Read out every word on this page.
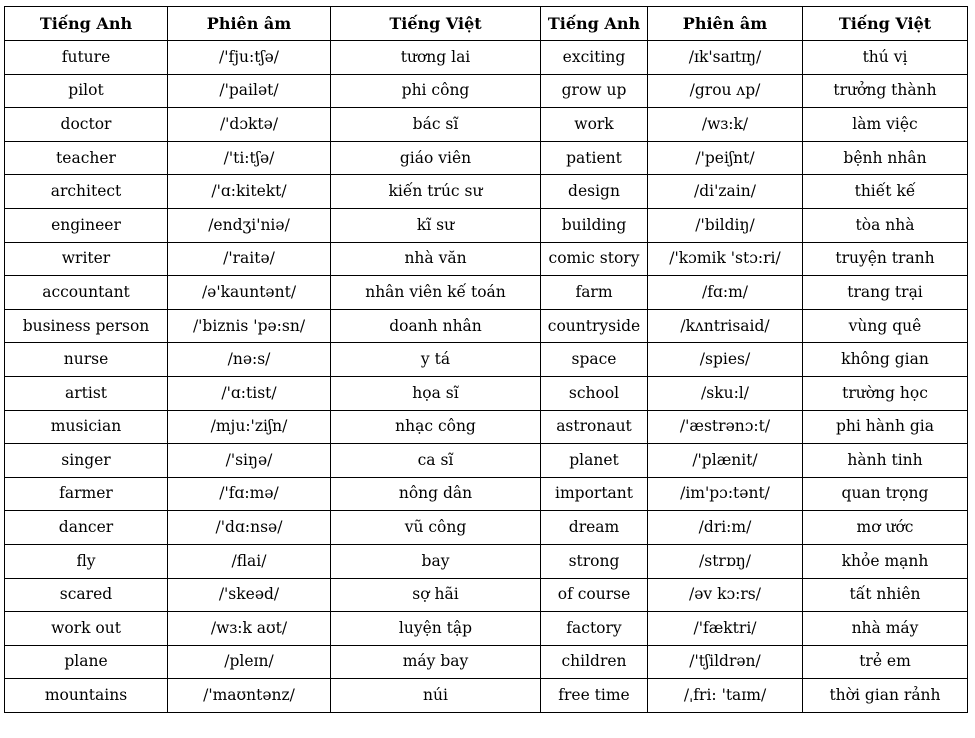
Tiếng Anh	Phiên âm	Tiếng Việt	Tiếng Anh	Phiên âm	Tiếng Việt
future	/'fju:tʃə/	tương lai	exciting	/ɪk'saɪtɪŋ/	thú vị
pilot	/'pailət/	phi công	grow up	/grou ʌp/	trưởng thành
doctor	/'dɔktə/	bác sĩ	work	/wɜ:k/	làm việc
teacher	/'ti:tʃə/	giáo viên	patient	/'peiʃnt/	bệnh nhân
architect	/'ɑ:kitekt/	kiến trúc sư	design	/di'zain/	thiết kế
engineer	/endʒi'niə/	kĩ sư	building	/'bildiŋ/	tòa nhà
writer	/'raitə/	nhà văn	comic story	/'kɔmik 'stɔ:ri/	truyện tranh
accountant	/ə'kauntənt/	nhân viên kế toán	farm	/fɑ:m/	trang trại
business person	/'biznis 'pə:sn/	doanh nhân	countryside	/kʌntrisaid/	vùng quê
nurse	/nə:s/	y tá	space	/spies/	không gian
artist	/'ɑ:tist/	họa sĩ	school	/sku:l/	trường học
musician	/mju:'ziʃn/	nhạc công	astronaut	/'æstrənɔ:t/	phi hành gia
singer	/'siŋə/	ca sĩ	planet	/'plænit/	hành tinh
farmer	/'fɑ:mə/	nông dân	important	/im'pɔ:tənt/	quan trọng
dancer	/'dɑ:nsə/	vũ công	dream	/dri:m/	mơ ước
fly	/flai/	bay	strong	/strɒŋ/	khỏe mạnh
scared	/'skeəd/	sợ hãi	of course	/əv kɔ:rs/	tất nhiên
work out	/wɜ:k aʊt/	luyện tập	factory	/'fæktri/	nhà máy
plane	/pleɪn/	máy bay	children	/'tʃildrən/	trẻ em
mountains	/'maʊntənz/	núi	free time	/ˌfri: 'taɪm/	thời gian rảnh
